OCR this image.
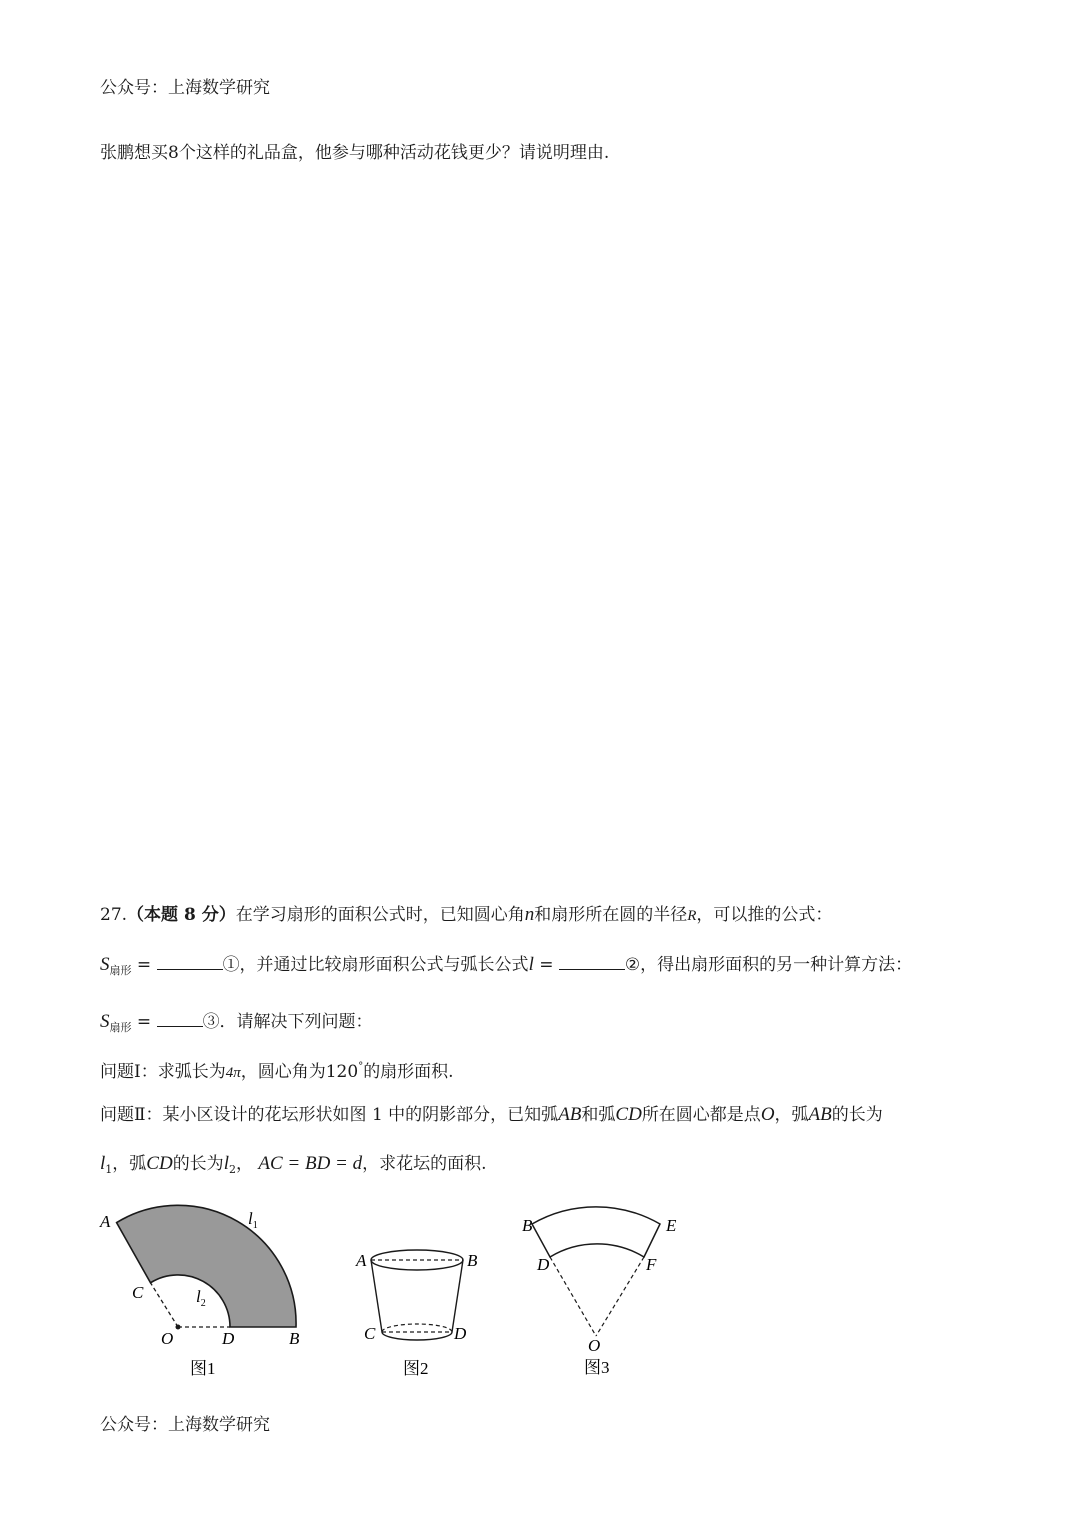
公众号：上海数学研究
张鹏想买8个这样的礼品盒，他参与哪种活动花钱更少？请说明理由.
27.（本题 8 分）在学习扇形的面积公式时，已知圆心角n和扇形所在圆的半径R，可以推的公式：
$S_{扇形}$ =	①，并通过比较扇形面积公式与弧长公式l =	②，得出扇形面积的另一种计算方法：
$S_{扇形}$ =	③．请解决下列问题：
问题Ⅰ：求弧长为4π，圆心角为120°的扇形面积.
问题Ⅱ：某小区设计的花坛形状如图 1 中的阴影部分，已知弧AB和弧CD所在圆心都是点O，弧AB的长为
$l_1$，弧CD的长为$l_2$， AC = BD = d，求花坛的面积.
A	$l_1$
C	$l_2$
O	D	B
图1
A	B
C	D
图2
B	E
D	F
O
图3
公众号：上海数学研究
